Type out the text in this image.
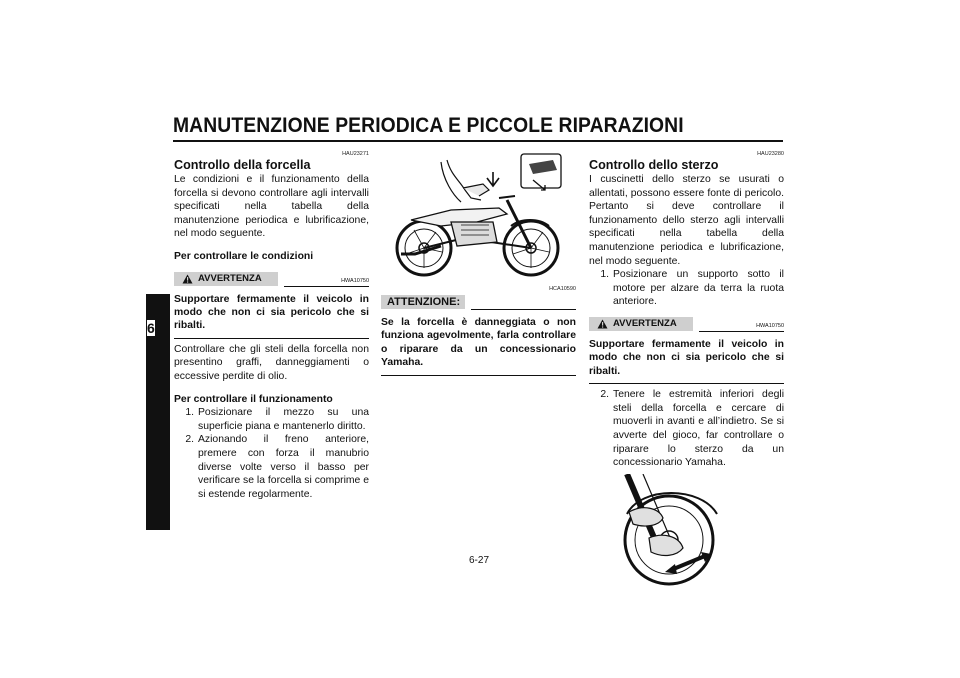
MANUTENZIONE PERIODICA E PICCOLE RIPARAZIONI
6
HAU23271
Controllo della forcella

Le condizioni e il funzionamento della forcella si devono controllare agli intervalli specificati nella tabella della manutenzione periodica e lubrificazione, nel modo seguente.

Per controllare le condizioni
AVVERTENZA	HWA10750
Supportare fermamente il veicolo in modo che non ci sia pericolo che si ribalti.

Controllare che gli steli della forcella non presentino graffi, danneggiamenti o eccessive perdite di olio.

Per controllare il funzionamento
1. Posizionare il mezzo su una superficie piana e mantenerlo diritto.
2. Azionando il freno anteriore, premere con forza il manubrio diverse volte verso il basso per verificare se la forcella si comprime e si estende regolarmente.
HCA10590
ATTENZIONE:
Se la forcella è danneggiata o non funziona agevolmente, farla controllare o riparare da un concessionario Yamaha.
HAU23280
Controllo dello sterzo

I cuscinetti dello sterzo se usurati o allentati, possono essere fonte di pericolo. Pertanto si deve controllare il funzionamento dello sterzo agli intervalli specificati nella tabella della manutenzione periodica e lubrificazione, nel modo seguente.

1. Posizionare un supporto sotto il motore per alzare da terra la ruota anteriore.
AVVERTENZA	HWA10750
Supportare fermamente il veicolo in modo che non ci sia pericolo che si ribalti.
2. Tenere le estremità inferiori degli steli della forcella e cercare di muoverli in avanti e all’indietro. Se si avverte del gioco, far controllare o riparare lo sterzo da un concessionario Yamaha.
6-27
